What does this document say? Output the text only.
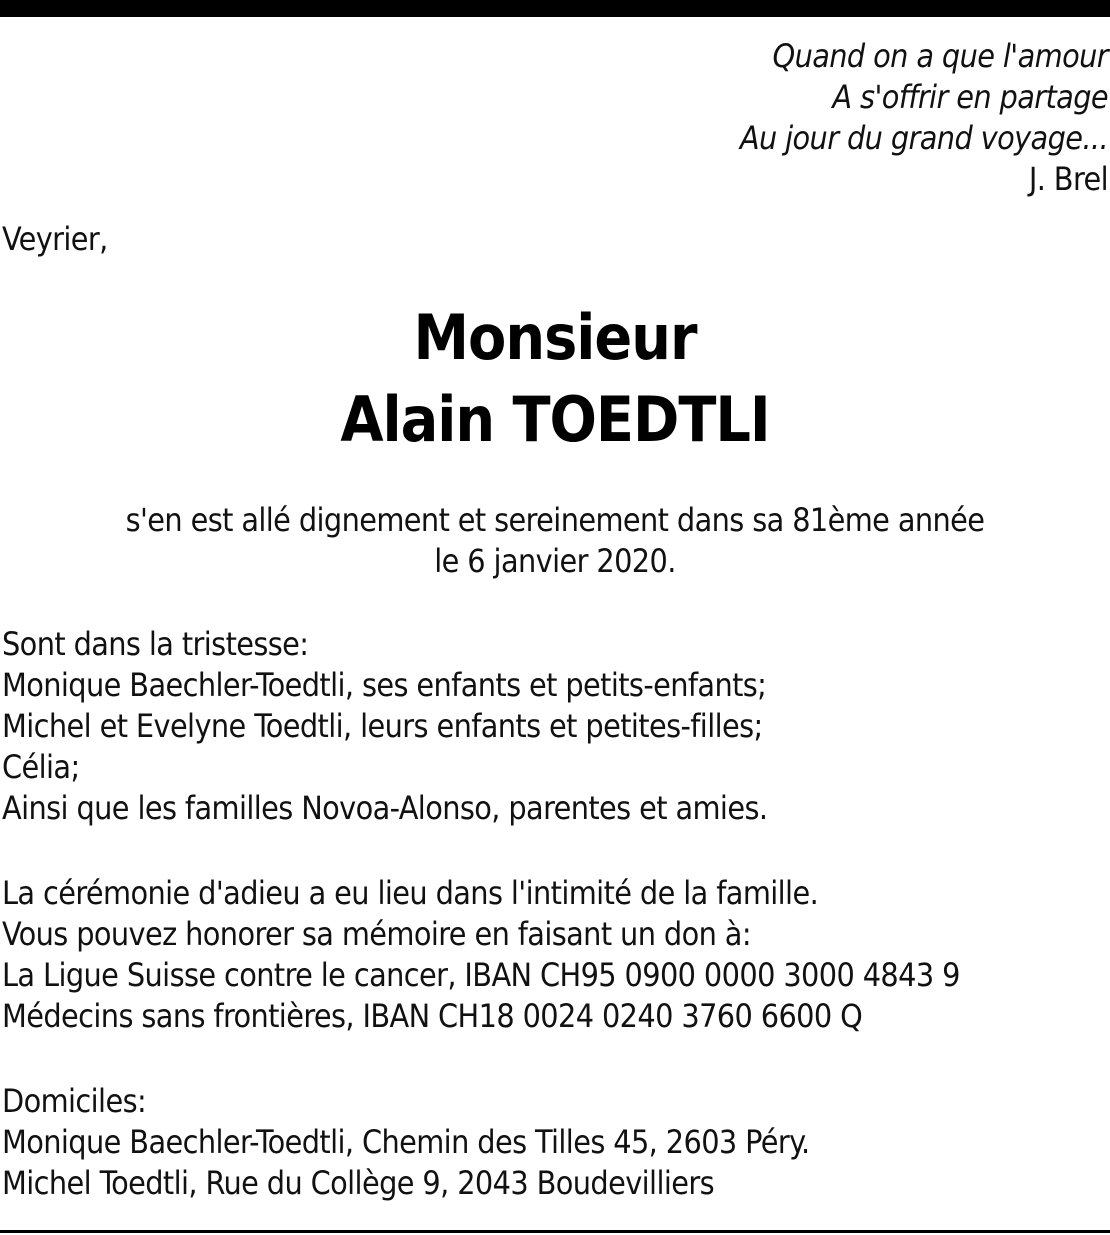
Quand on a que l'amour
A s'offrir en partage
Au jour du grand voyage...
J. Brel
Veyrier,
Monsieur
Alain TOEDTLI
s'en est allé dignement et sereinement dans sa 81ème année
le 6 janvier 2020.
Sont dans la tristesse:
Monique Baechler-Toedtli, ses enfants et petits-enfants;
Michel et Evelyne Toedtli, leurs enfants et petites-filles;
Célia;
Ainsi que les familles Novoa-Alonso, parentes et amies.
La cérémonie d'adieu a eu lieu dans l'intimité de la famille.
Vous pouvez honorer sa mémoire en faisant un don à:
La Ligue Suisse contre le cancer, IBAN CH95 0900 0000 3000 4843 9
Médecins sans frontières, IBAN CH18 0024 0240 3760 6600 Q
Domiciles:
Monique Baechler-Toedtli, Chemin des Tilles 45, 2603 Péry.
Michel Toedtli, Rue du Collège 9, 2043 Boudevilliers
